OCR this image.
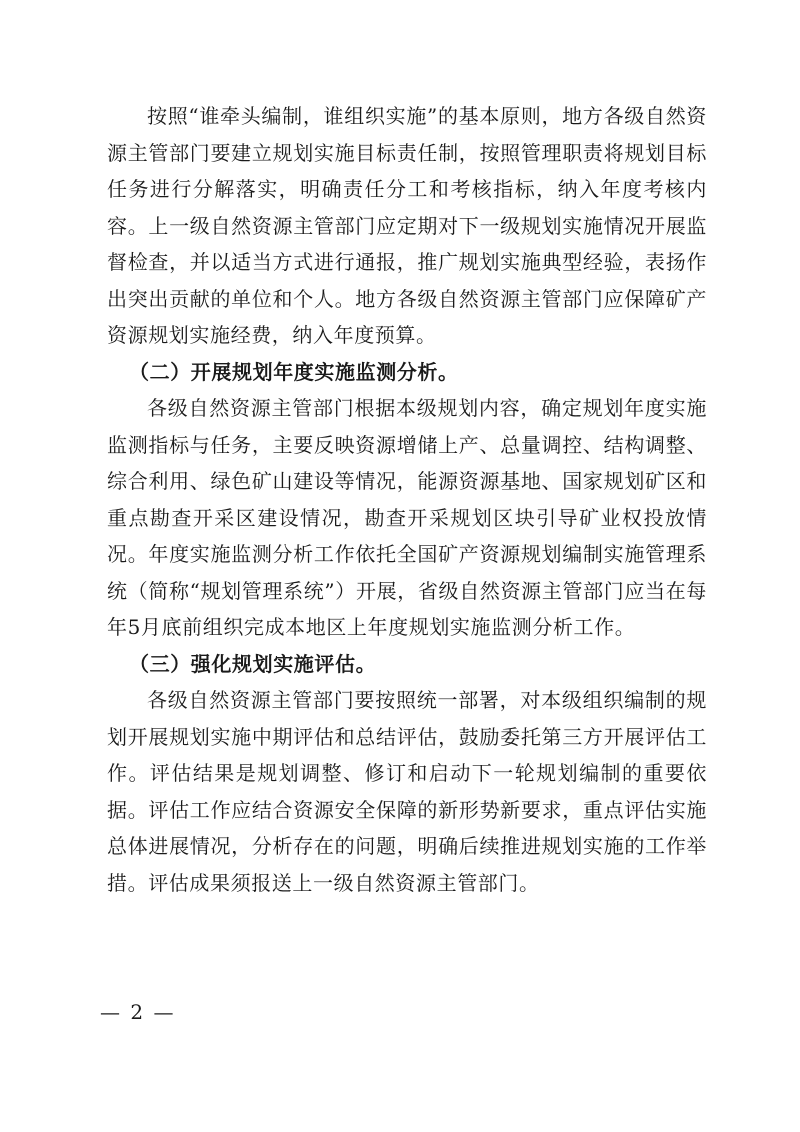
按照“谁牵头编制，谁组织实施”的基本原则，地方各级自然资源主管部门要建立规划实施目标责任制，按照管理职责将规划目标任务进行分解落实，明确责任分工和考核指标，纳入年度考核内容。上一级自然资源主管部门应定期对下一级规划实施情况开展监督检查，并以适当方式进行通报，推广规划实施典型经验，表扬作出突出贡献的单位和个人。地方各级自然资源主管部门应保障矿产资源规划实施经费，纳入年度预算。

（二）开展规划年度实施监测分析。

各级自然资源主管部门根据本级规划内容，确定规划年度实施监测指标与任务，主要反映资源增储上产、总量调控、结构调整、综合利用、绿色矿山建设等情况，能源资源基地、国家规划矿区和重点勘查开采区建设情况，勘查开采规划区块引导矿业权投放情况。年度实施监测分析工作依托全国矿产资源规划编制实施管理系统（简称“规划管理系统”）开展，省级自然资源主管部门应当在每年5月底前组织完成本地区上年度规划实施监测分析工作。

（三）强化规划实施评估。

各级自然资源主管部门要按照统一部署，对本级组织编制的规划开展规划实施中期评估和总结评估，鼓励委托第三方开展评估工作。评估结果是规划调整、修订和启动下一轮规划编制的重要依据。评估工作应结合资源安全保障的新形势新要求，重点评估实施总体进展情况，分析存在的问题，明确后续推进规划实施的工作举措。评估成果须报送上一级自然资源主管部门。

— 2 —
